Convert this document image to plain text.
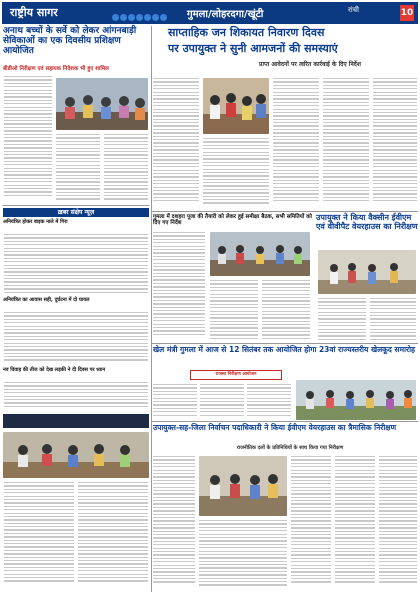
राष्ट्रीय सागर	गुमला/लोहरदगा/खूंटी	रांची	10
अनाथ बच्चों के सर्वे को लेकर आंगनबाड़ी सेविकाओं का एक दिवसीय प्रशिक्षण आयोजित
बीडीओ निरीक्षण एवं सहायक निदेशक भी हुए शामिल
ख़बर संक्षेप न्यूज़
अनियंत्रित होकर बाइक नाले में गिरा
अनियंत्रित का आवास सही, दुर्घटना में दो घायल
नव विवाह की तीज को देख लड़की ने दी दिवस पर ध्यान
साप्ताहिक जन शिकायत निवारण दिवस
पर उपायुक्त ने सुनी आमजनों की समस्याएं
प्राप्त आवेदनों पर त्वरित कार्रवाई के दिए निर्देश
गुमला में दशहरा पूजा की तैयारी को लेकर हुई समीक्षा बैठक, सभी समितियों को दिए गए निर्देश
उपायुक्त ने किया वैक्सीन ईवीएम एवं वीवीपैट वेयरहाउस का निरीक्षण
खेल मंत्री गुमला में आज से 12 सितंबर तक आयोजित होगा 23वां राज्यस्तरीय खेलकूद समारोह
राजस्व निरीक्षण आयोजन
उपायुक्त-सह-जिला निर्वाचन पदाधिकारी ने किया ईवीएम वेयरहाउस का त्रैमासिक निरीक्षण
राजनीतिक दलों के प्रतिनिधियों के साथ किया गया निरीक्षण
